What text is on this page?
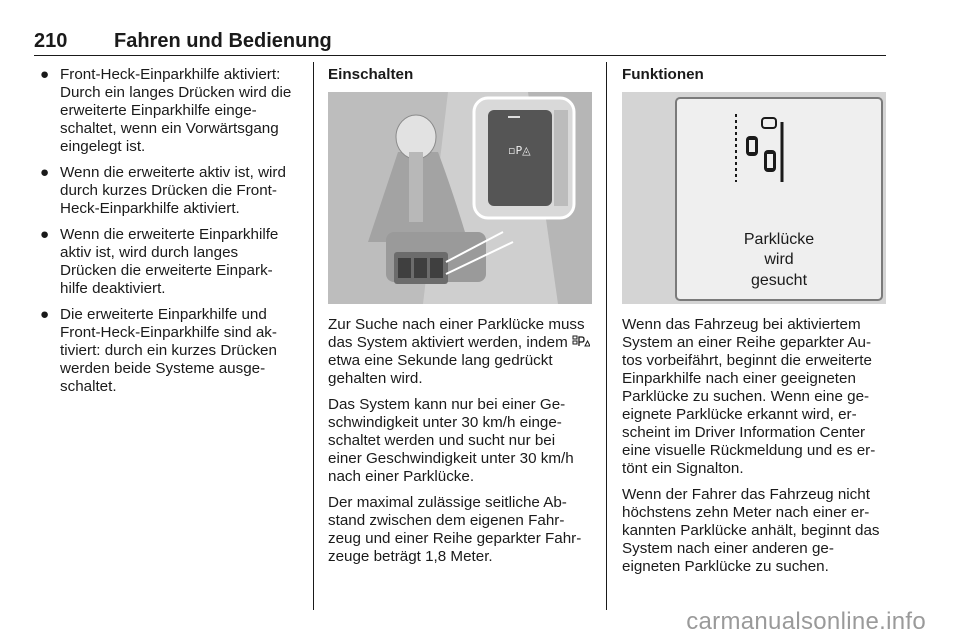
210 Fahren und Bedienung
● Front-Heck-Einparkhilfe aktiviert: Durch ein langes Drücken wird die erweiterte Einparkhilfe einge-schaltet, wenn ein Vorwärtsgang eingelegt ist.
● Wenn die erweiterte aktiv ist, wird durch kurzes Drücken die Front-Heck-Einparkhilfe aktiviert.
● Wenn die erweiterte Einparkhilfe aktiv ist, wird durch langes Drücken die erweiterte Einpark-hilfe deaktiviert.
● Die erweiterte Einparkhilfe und Front-Heck-Einparkhilfe sind ak-tiviert: durch ein kurzes Drücken werden beide Systeme ausge-schaltet.
Einschalten
▫P◬

Zur Suche nach einer Parklücke muss das System aktiviert werden, indem  etwa eine Sekunde lang gedrückt gehalten wird.

Das System kann nur bei einer Ge-schwindigkeit unter 30 km/h einge-schaltet werden und sucht nur bei einer Geschwindigkeit unter 30 km/h nach einer Parklücke.

Der maximal zulässige seitliche Ab-stand zwischen dem eigenen Fahr-zeug und einer Reihe geparkter Fahr-zeuge beträgt 1,8 Meter.

Funktionen
Parklücke
wird
gesucht

Wenn das Fahrzeug bei aktiviertem System an einer Reihe geparkter Au-tos vorbeifährt, beginnt die erweiterte Einparkhilfe nach einer geeigneten Parklücke zu suchen. Wenn eine ge-eignete Parklücke erkannt wird, er-scheint im Driver Information Center eine visuelle Rückmeldung und es er-tönt ein Signalton.

Wenn der Fahrer das Fahrzeug nicht höchstens zehn Meter nach einer er-kannten Parklücke anhält, beginnt das System nach einer anderen ge-eigneten Parklücke zu suchen.

carmanualsonline.info
